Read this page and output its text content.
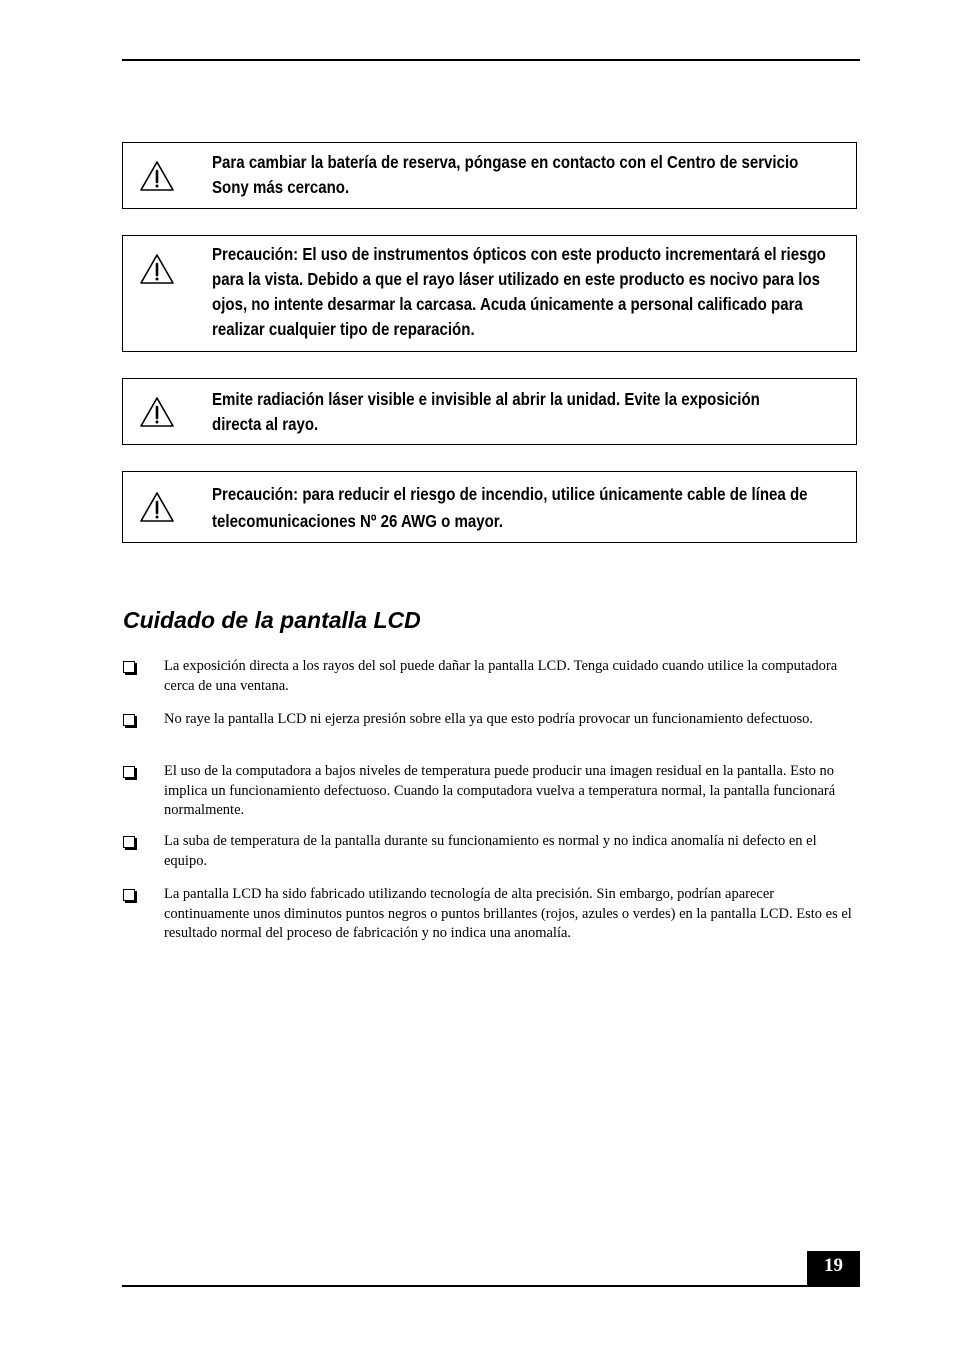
Para cambiar la batería de reserva, póngase en contacto con el Centro de servicio Sony más cercano.
Precaución: El uso de instrumentos ópticos con este producto incrementará el riesgo para la vista. Debido a que el rayo láser utilizado en este producto es nocivo para los ojos, no intente desarmar la carcasa. Acuda únicamente a personal calificado para realizar cualquier tipo de reparación.
Emite radiación láser visible e invisible al abrir la unidad. Evite la exposición directa al rayo.
Precaución: para reducir el riesgo de incendio, utilice únicamente cable de línea de telecomunicaciones Nº 26 AWG o mayor.
Cuidado de la pantalla LCD
La exposición directa a los rayos del sol puede dañar la pantalla LCD. Tenga cuidado cuando utilice la computadora cerca de una ventana.
No raye la pantalla LCD ni ejerza presión sobre ella ya que esto podría provocar un funcionamiento defectuoso.
El uso de la computadora a bajos niveles de temperatura puede producir una imagen residual en la pantalla. Esto no implica un funcionamiento defectuoso. Cuando la computadora vuelva a temperatura normal, la pantalla funcionará normalmente.
La suba de temperatura de la pantalla durante su funcionamiento es normal y no indica anomalía ni defecto en el equipo.
La pantalla LCD ha sido fabricado utilizando tecnología de alta precisión. Sin embargo, podrían aparecer continuamente unos diminutos puntos negros o puntos brillantes (rojos, azules o verdes) en la pantalla LCD. Esto es el resultado normal del proceso de fabricación y no indica una anomalía.
19
